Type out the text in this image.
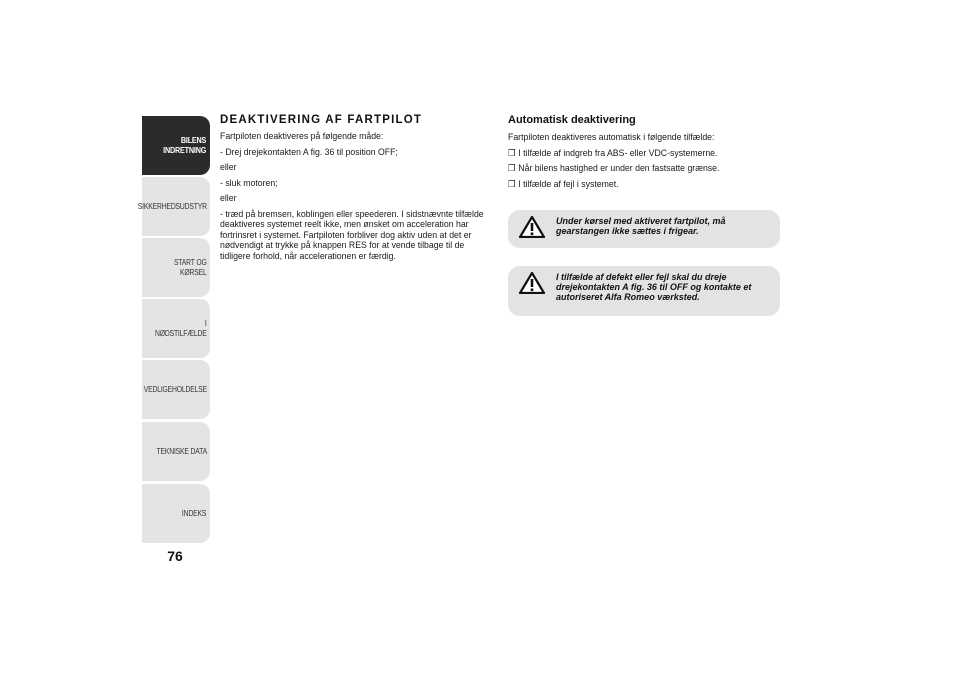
BILENS
INDRETNING
SIKKERHEDSUDSTYR
START OG KØRSEL
I NØDSTILFÆLDE
VEDLIGEHOLDELSE
TEKNISKE DATA
INDEKS
76
DEAKTIVERING AF FARTPILOT

Fartpiloten deaktiveres på følgende måde:

- Drej drejekontakten A fig. 36 til position OFF;

eller

- sluk motoren;

eller

- træd på bremsen, koblingen eller speederen. I sidstnævnte tilfælde deaktiveres systemet reelt ikke, men ønsket om acceleration har fortrinsret i systemet. Fartpiloten forbliver dog aktiv uden at det er nødvendigt at trykke på knappen RES for at vende tilbage til de tidligere forhold, når accelerationen er færdig.

Automatisk deaktivering

Fartpiloten deaktiveres automatisk i følgende tilfælde:

❒ I tilfælde af indgreb fra ABS- eller VDC-systemerne.
❒ Når bilens hastighed er under den fastsatte grænse.
❒ I tilfælde af fejl i systemet.
Under kørsel med aktiveret fartpilot, må gearstangen ikke sættes i frigear.
I tilfælde af defekt eller fejl skal du dreje drejekontakten A fig. 36 til OFF og kontakte et autoriseret Alfa Romeo værksted.
